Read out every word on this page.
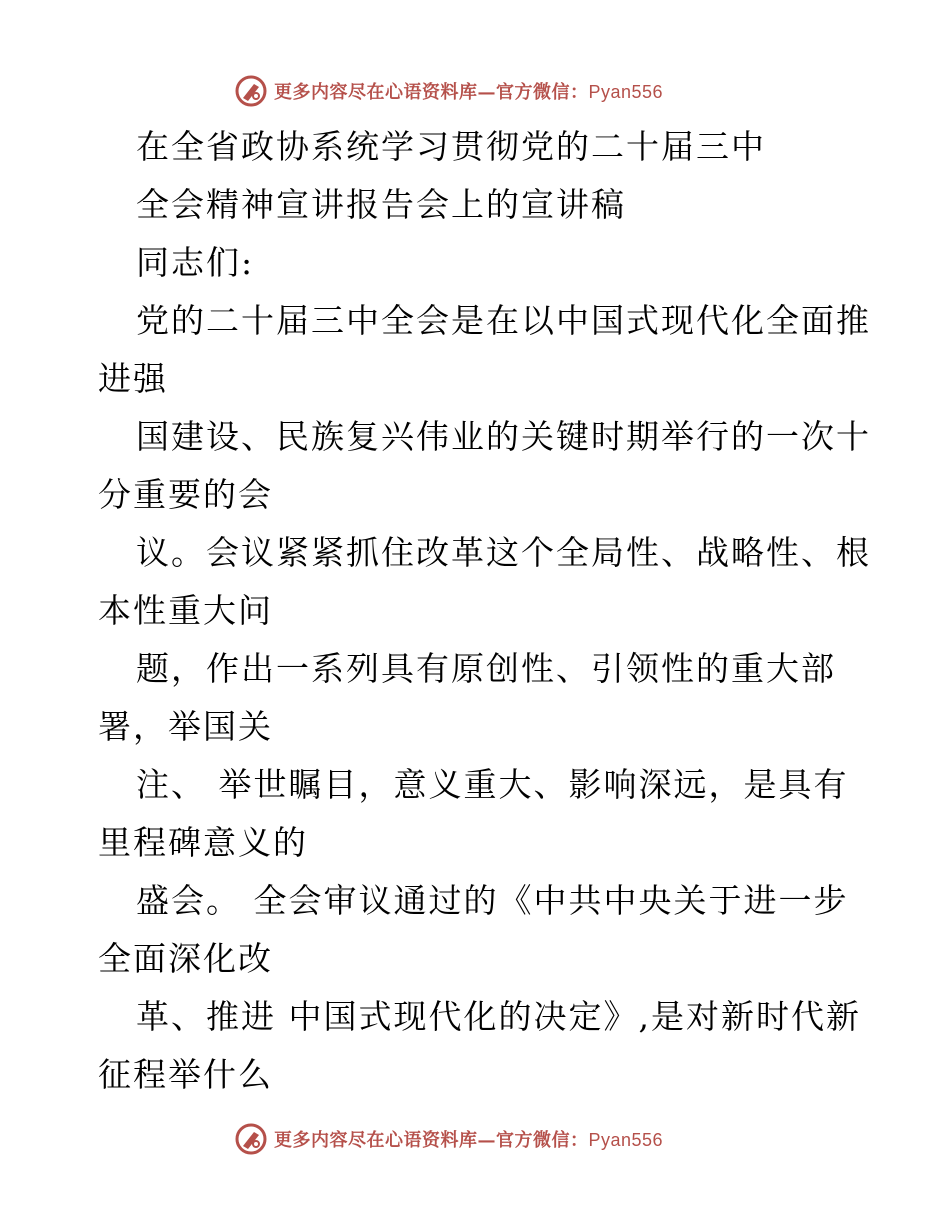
更多内容尽在心语资料库—官方微信：Pyan556
在全省政协系统学习贯彻党的二十届三中
全会精神宣讲报告会上的宣讲稿
同志们:
党的二十届三中全会是在以中国式现代化全面推
进强
国建设、民族复兴伟业的关键时期举行的一次十
分重要的会
议。会议紧紧抓住改革这个全局性、战略性、根
本性重大问
题，作出一系列具有原创性、引领性的重大部
署，举国关
注、 举世瞩目，意义重大、影响深远，是具有
里程碑意义的
盛会。 全会审议通过的《中共中央关于进一步
全面深化改
革、推进 中国式现代化的决定》,是对新时代新
征程举什么
更多内容尽在心语资料库—官方微信：Pyan556
